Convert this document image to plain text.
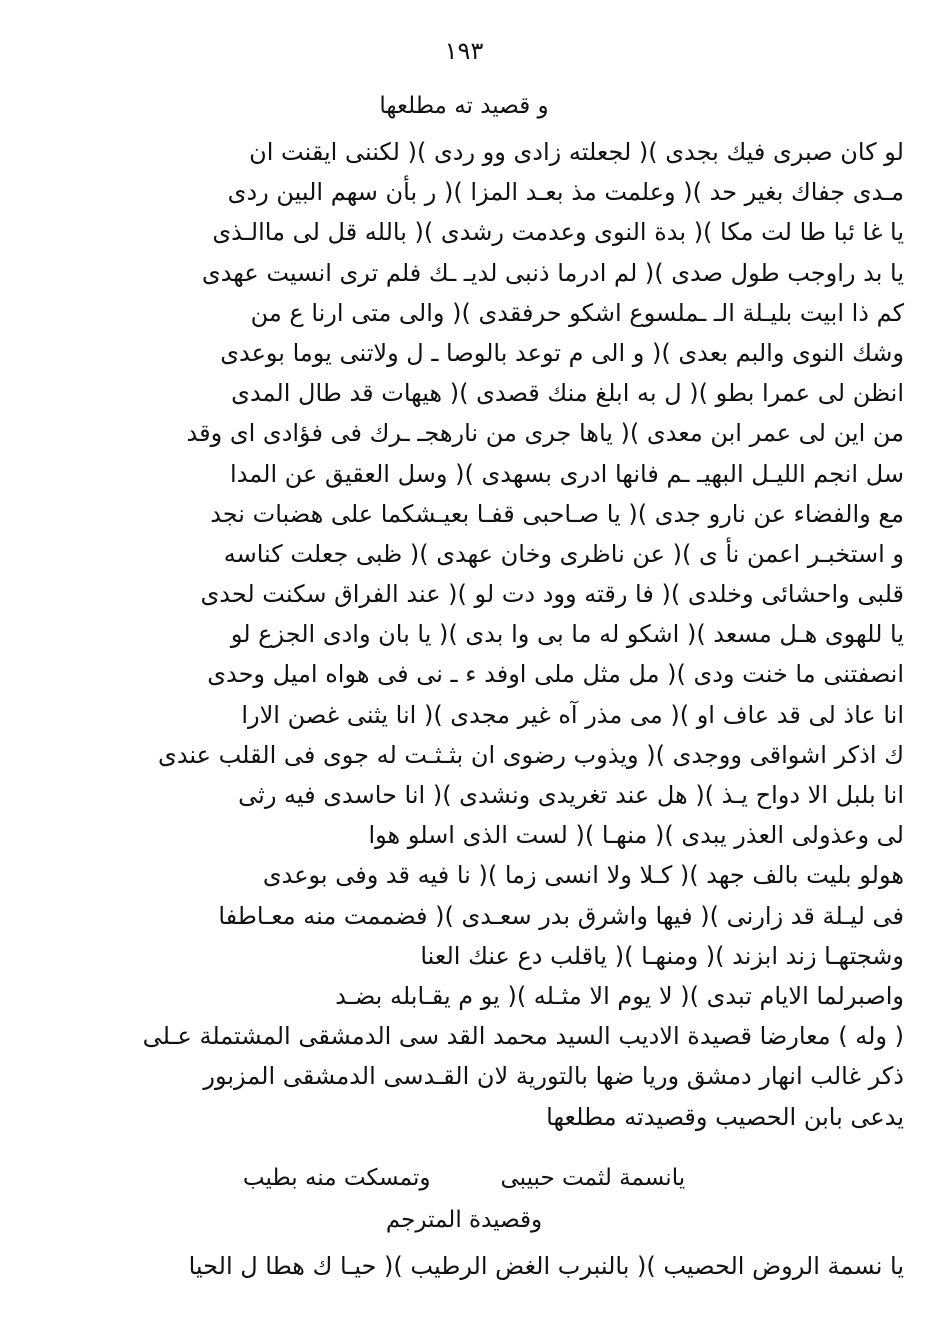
١٩٣
و قصيد ته مطلعها
لو كان صبرى فيك بجدى )( لجعلته زادى وو ردى )( لكننى ايقنت ان
مـدى جفاك بغير حد )( وعلمت مذ بعـد المزا )( ر بأن سهم البين ردى
يا غا ئبا طا لت مكا )( بدة النوى وعدمت رشدى )( بالله قل لى ماالـذى
يا بد راوجب طول صدى )( لم ادرما ذنبى لديـ ـك فلم ترى انسيت عهدى
كم ذا ابيت بليـلة الـ ـملسوع اشكو حرفقدى )( والى متى ارنا ع من
وشك النوى والبم بعدى )( و الى م توعد بالوصا ـ ل ولاتنى يوما بوعدى
انظن لى عمرا بطو )( ل به ابلغ منك قصدى )( هيهات قد طال المدى
من اين لى عمر ابن معدى )( ياها جرى من نارهجـ ـرك فى فؤادى اى وقد
سل انجم الليـل البهيـ ـم فانها ادرى بسهدى )( وسل العقيق عن المدا
مع والفضاء عن نارو جدى )( يا صـاحبى قفـا بعيـشكما على هضبات نجد
و استخبـر اعمن نأ ى )( عن ناظرى وخان عهدى )( ظبى جعلت كناسه
قلبى واحشائى وخلدى )( فا رقته وود دت لو )( عند الفراق سكنت لحدى
يا للهوى هـل مسعد )( اشكو له ما بى وا بدى )( يا بان وادى الجزع لو
انصفتنى ما خنت ودى )( مل مثل ملى اوفد ء ـ نى فى هواه اميل وحدى
انا عاذ لى قد عاف او )( مى مذر آه غير مجدى )( انا يثنى غصن الارا
ك اذكر اشواقى ووجدى )( ويذوب رضوى ان بثـثـت له جوى فى القلب عندى
انا بلبل الا دواح يـذ )( هل عند تغريدى ونشدى )( انا حاسدى فيه رثى
لى وعذولى العذر يبدى )( منهـا )( لست الذى اسلو هوا
هولو بليت بالف جهد )( كـلا ولا انسى زما )( نا فيه قد وفى بوعدى
فى ليـلة قد زارنى )( فيها واشرق بدر سعـدى )( فضممت منه معـاطفا
وشجتهـا زند ابزند )( ومنهـا )( ياقلب دع عنك العنا
واصبرلما الايام تبدى )( لا يوم الا مثـله )( يو م يقـابله بضـد
( وله ) معارضا قصيدة الاديب السيد محمد القد سى الدمشقى المشتملة عـلى
ذكر غالب انهار دمشق وريا ضها بالتورية لان القـدسى الدمشقى المزبور
يدعى بابن الحصيب وقصيدته مطلعها
يانسمة لثمت حبيبىوتمسكت منه بطيب
وقصيدة المترجم
يا نسمة الروض الحصيب )( بالنبرب الغض الرطيب )( حيـا ك هطا ل الحيا
